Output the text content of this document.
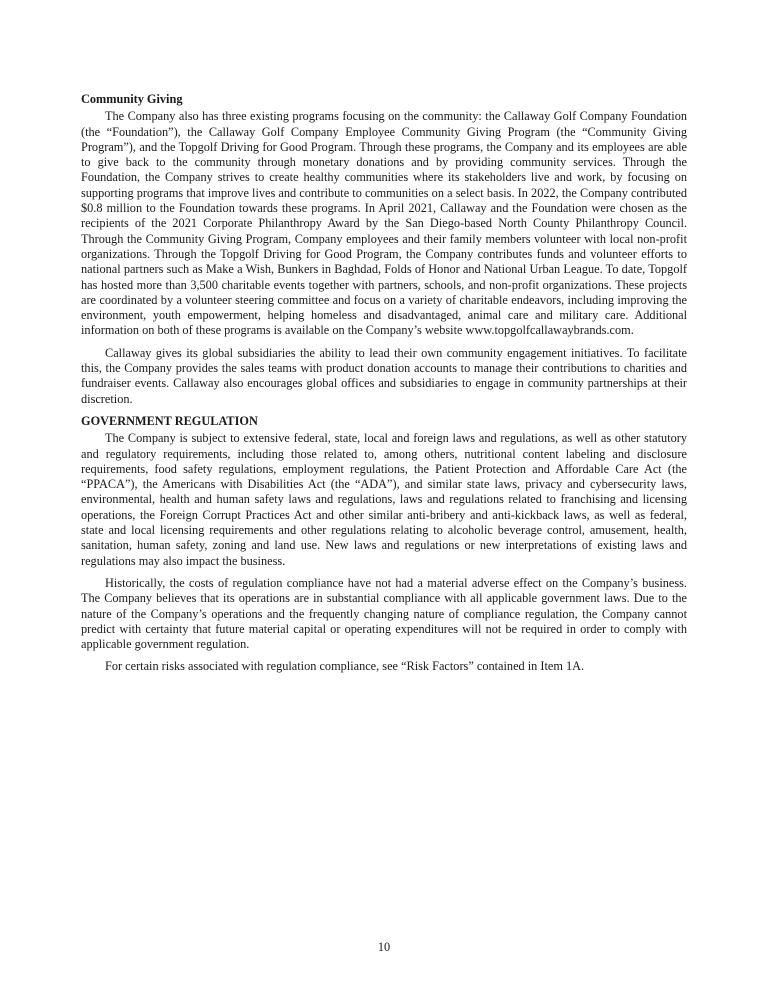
Community Giving

The Company also has three existing programs focusing on the community: the Callaway Golf Company Foundation (the “Foundation”), the Callaway Golf Company Employee Community Giving Program (the “Community Giving Program”), and the Topgolf Driving for Good Program. Through these programs, the Company and its employees are able to give back to the community through monetary donations and by providing community services. Through the Foundation, the Company strives to create healthy communities where its stakeholders live and work, by focusing on supporting programs that improve lives and contribute to communities on a select basis. In 2022, the Company contributed $0.8 million to the Foundation towards these programs. In April 2021, Callaway and the Foundation were chosen as the recipients of the 2021 Corporate Philanthropy Award by the San Diego-based North County Philanthropy Council. Through the Community Giving Program, Company employees and their family members volunteer with local non-profit organizations. Through the Topgolf Driving for Good Program, the Company contributes funds and volunteer efforts to national partners such as Make a Wish, Bunkers in Baghdad, Folds of Honor and National Urban League. To date, Topgolf has hosted more than 3,500 charitable events together with partners, schools, and non-profit organizations. These projects are coordinated by a volunteer steering committee and focus on a variety of charitable endeavors, including improving the environment, youth empowerment, helping homeless and disadvantaged, animal care and military care. Additional information on both of these programs is available on the Company’s website www.topgolfcallawaybrands.com.

Callaway gives its global subsidiaries the ability to lead their own community engagement initiatives. To facilitate this, the Company provides the sales teams with product donation accounts to manage their contributions to charities and fundraiser events. Callaway also encourages global offices and subsidiaries to engage in community partnerships at their discretion.

GOVERNMENT REGULATION

The Company is subject to extensive federal, state, local and foreign laws and regulations, as well as other statutory and regulatory requirements, including those related to, among others, nutritional content labeling and disclosure requirements, food safety regulations, employment regulations, the Patient Protection and Affordable Care Act (the “PPACA”), the Americans with Disabilities Act (the “ADA”), and similar state laws, privacy and cybersecurity laws, environmental, health and human safety laws and regulations, laws and regulations related to franchising and licensing operations, the Foreign Corrupt Practices Act and other similar anti-bribery and anti-kickback laws, as well as federal, state and local licensing requirements and other regulations relating to alcoholic beverage control, amusement, health, sanitation, human safety, zoning and land use. New laws and regulations or new interpretations of existing laws and regulations may also impact the business.

Historically, the costs of regulation compliance have not had a material adverse effect on the Company’s business. The Company believes that its operations are in substantial compliance with all applicable government laws. Due to the nature of the Company’s operations and the frequently changing nature of compliance regulation, the Company cannot predict with certainty that future material capital or operating expenditures will not be required in order to comply with applicable government regulation.

For certain risks associated with regulation compliance, see “Risk Factors” contained in Item 1A.

10
